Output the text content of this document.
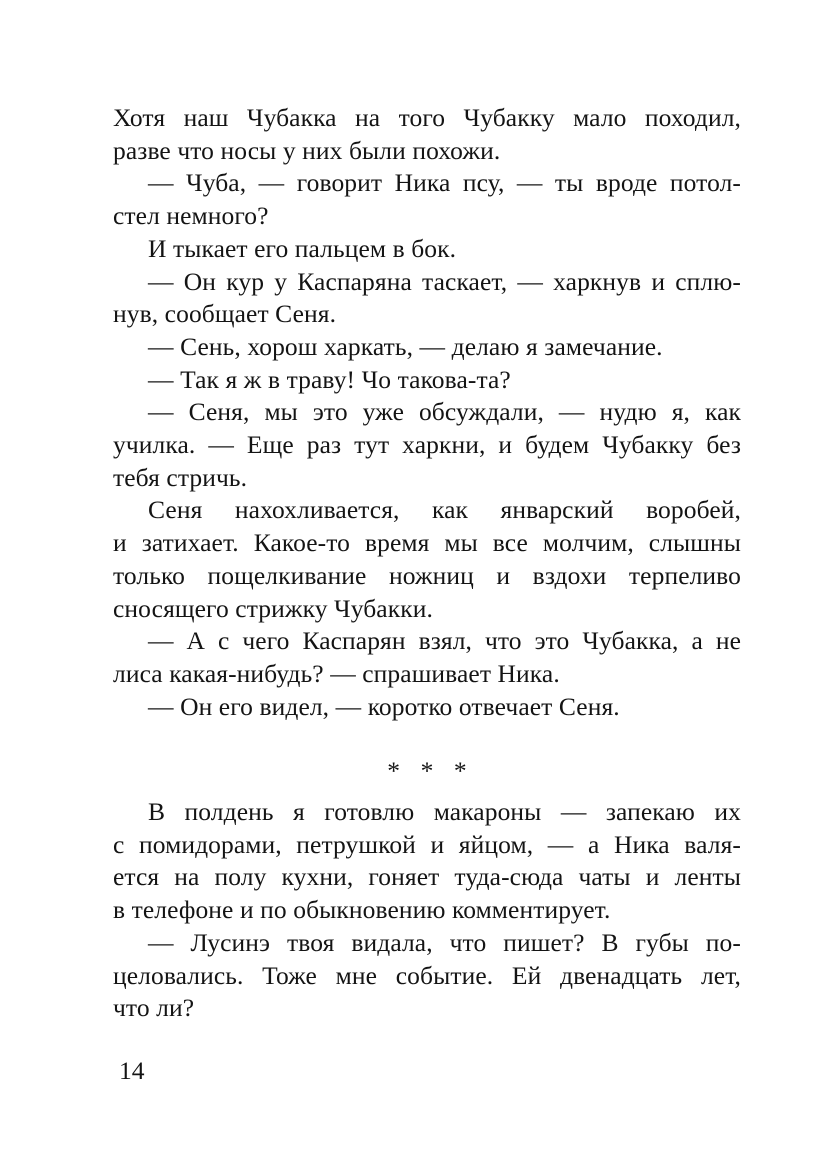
Хотя наш Чубакка на того Чубакку мало походил,
разве что носы у них были похожи.
— Чуба, — говорит Ника псу, — ты вроде потол-
стел немного?
И тыкает его пальцем в бок.
— Он кур у Каспаряна таскает, — харкнув и сплю-
нув, сообщает Сеня.
— Сень, хорош харкать, — делаю я замечание.
— Так я ж в траву! Чо такова-та?
— Сеня, мы это уже обсуждали, — нудю я, как
училка. — Еще раз тут харкни, и будем Чубакку без
тебя стричь.
Сеня нахохливается, как январский воробей,
и затихает. Какое-то время мы все молчим, слышны
только пощелкивание ножниц и вздохи терпеливо
сносящего стрижку Чубакки.
— А с чего Каспарян взял, что это Чубакка, а не
лиса какая-нибудь? — спрашивает Ника.
— Он его видел, — коротко отвечает Сеня.
* * *
В полдень я готовлю макароны — запекаю их
с помидорами, петрушкой и яйцом, — а Ника валя-
ется на полу кухни, гоняет туда-сюда чаты и ленты
в телефоне и по обыкновению комментирует.
— Лусинэ твоя видала, что пишет? В губы по-
целовались. Тоже мне событие. Ей двенадцать лет,
что ли?
14
